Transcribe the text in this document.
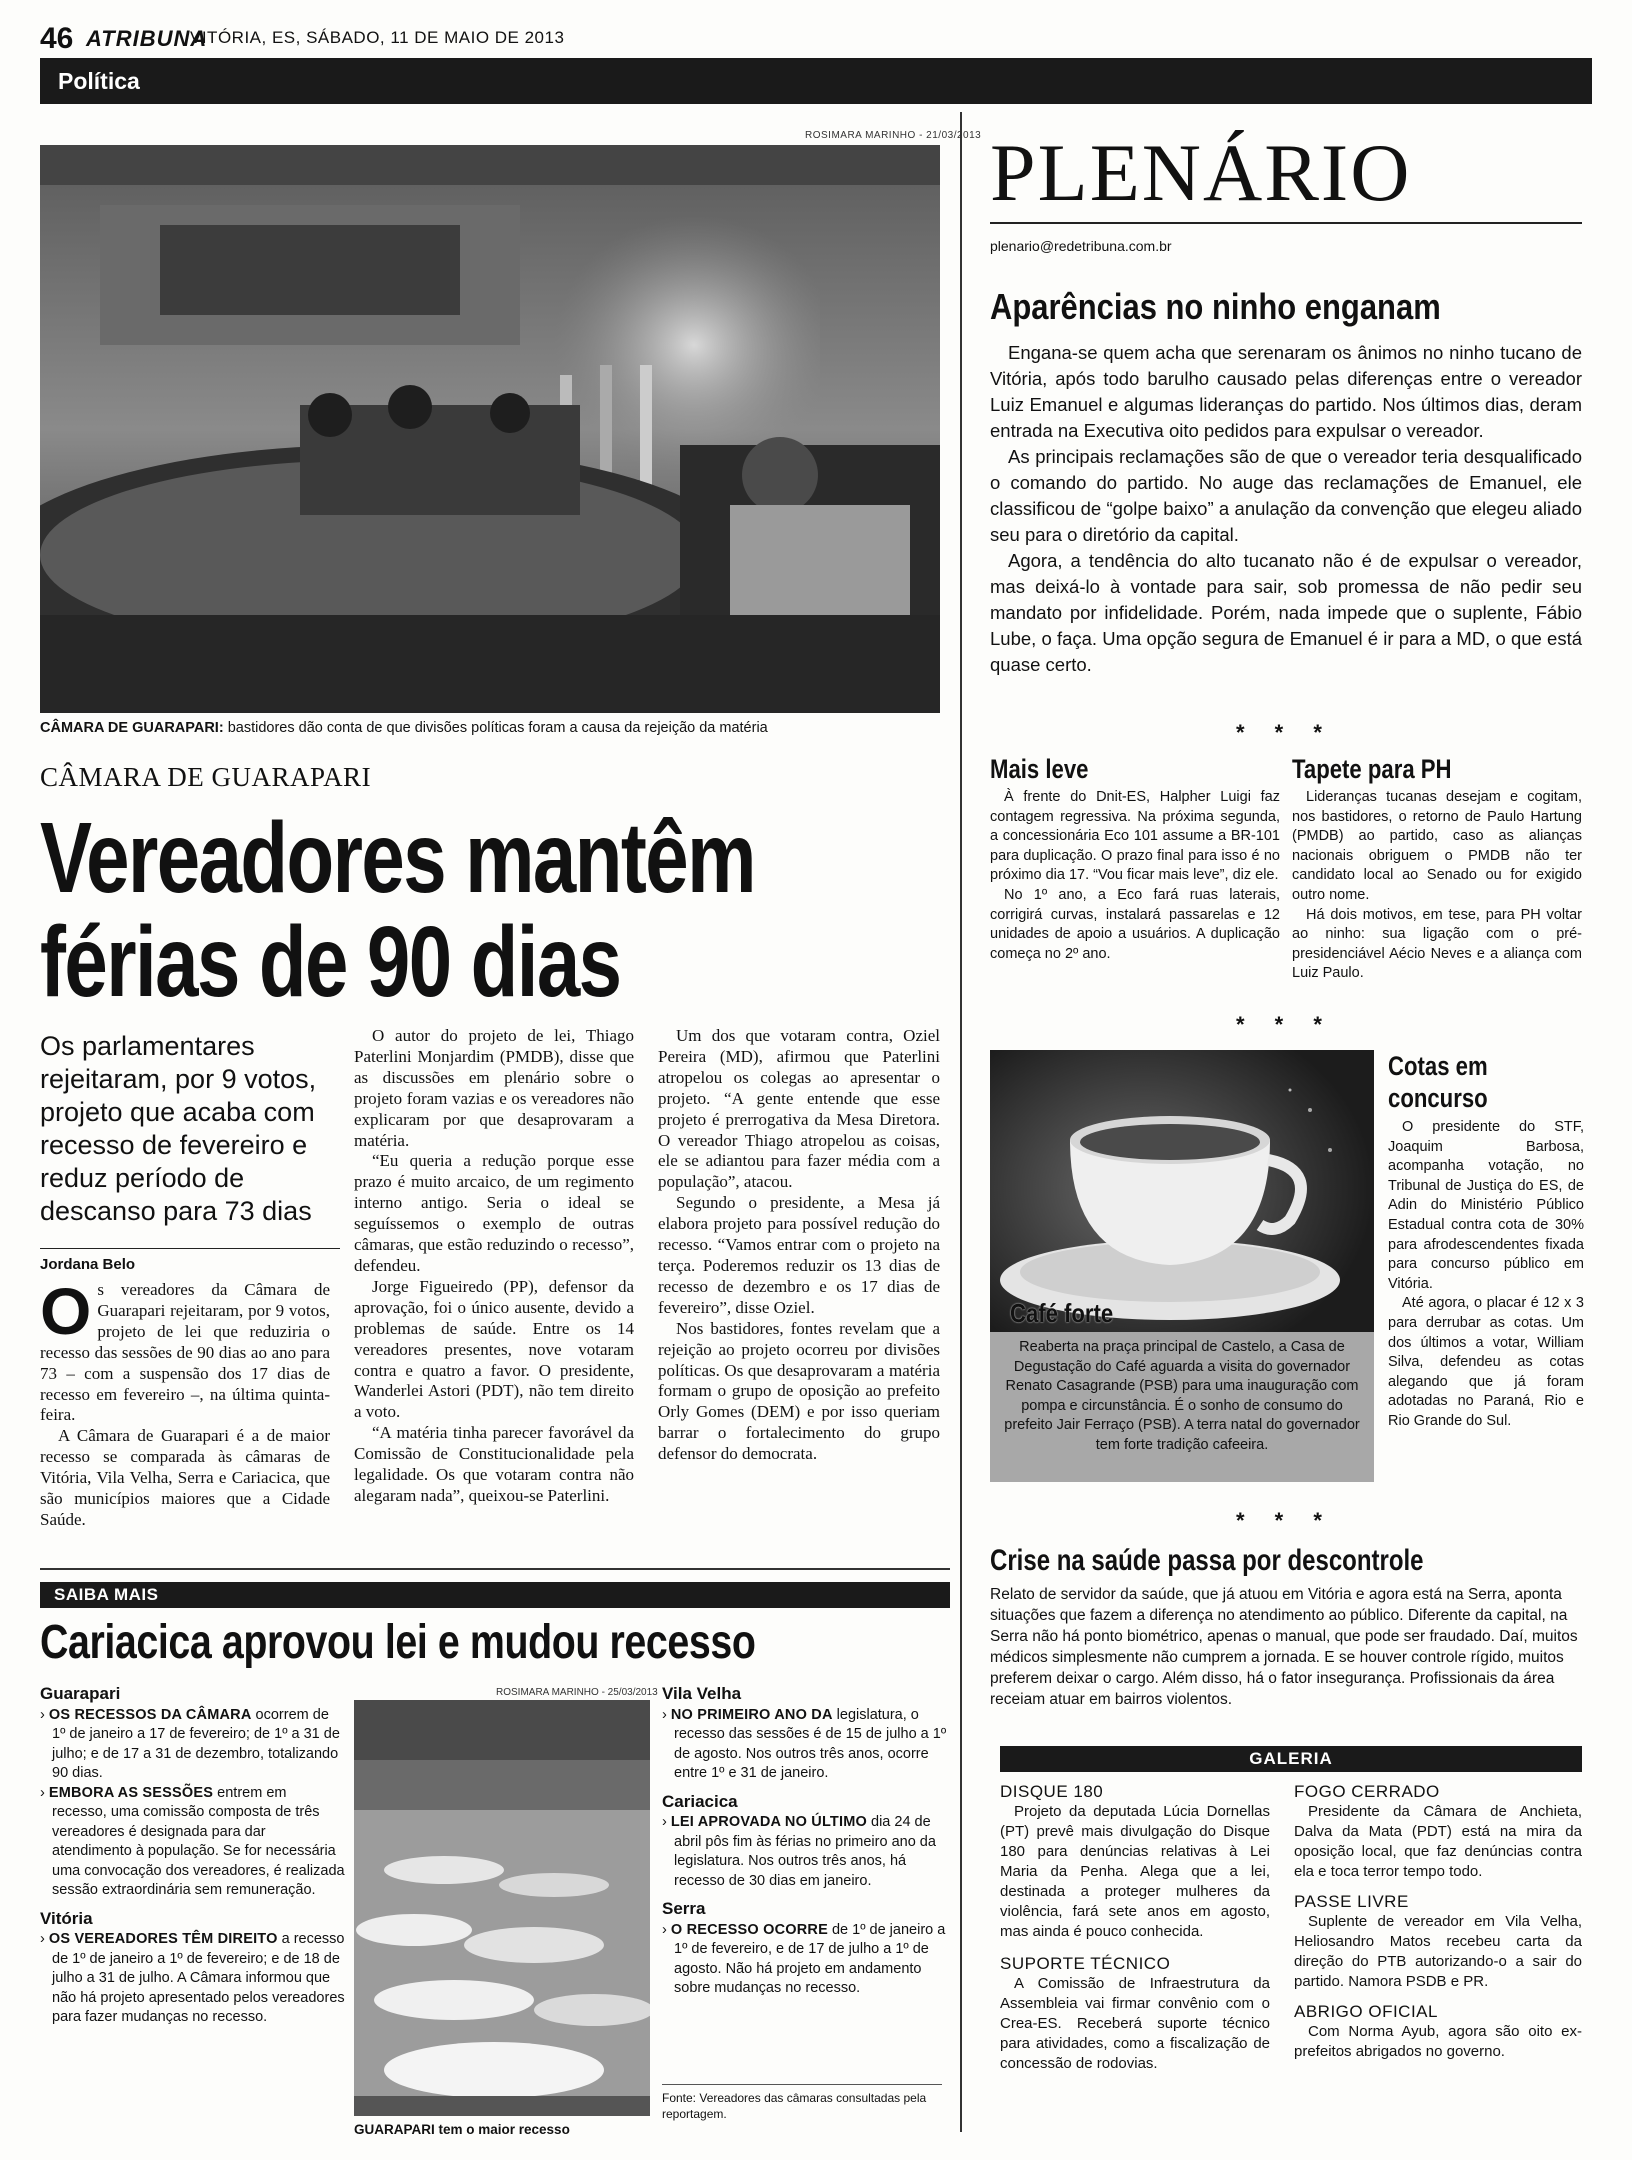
46 ATRIBUNA
VITÓRIA, ES, SÁBADO, 11 DE MAIO DE 2013
Política
ROSIMARA MARINHO - 21/03/2013
CÂMARA DE GUARAPARI: bastidores dão conta de que divisões políticas foram a causa da rejeição da matéria
CÂMARA DE GUARAPARI
Vereadores mantêm
férias de 90 dias
Os parlamentares rejeitaram, por 9 votos, projeto que acaba com recesso de fevereiro e reduz período de descanso para 73 dias
Jordana Belo

Os vereadores da Câmara de Guarapari rejeitaram, por 9 votos, projeto de lei que reduziria o recesso das sessões de 90 dias ao ano para 73 – com a suspensão dos 17 dias de recesso em fevereiro –, na última quinta-feira.

A Câmara de Guarapari é a de maior recesso se comparada às câmaras de Vitória, Vila Velha, Serra e Cariacica, que são municípios maiores que a Cidade Saúde.

O autor do projeto de lei, Thiago Paterlini Monjardim (PMDB), disse que as discussões em plenário sobre o projeto foram vazias e os vereadores não explicaram por que desaprovaram a matéria.

“Eu queria a redução porque esse prazo é muito arcaico, de um regimento interno antigo. Seria o ideal se seguíssemos o exemplo de outras câmaras, que estão reduzindo o recesso”, defendeu.

Jorge Figueiredo (PP), defensor da aprovação, foi o único ausente, devido a problemas de saúde. Entre os 14 vereadores presentes, nove votaram contra e quatro a favor. O presidente, Wanderlei Astori (PDT), não tem direito a voto.

“A matéria tinha parecer favorável da Comissão de Constitucionalidade pela legalidade. Os que votaram contra não alegaram nada”, queixou-se Paterlini.

Um dos que votaram contra, Oziel Pereira (MD), afirmou que Paterlini atropelou os colegas ao apresentar o projeto. “A gente entende que esse projeto é prerrogativa da Mesa Diretora. O vereador Thiago atropelou as coisas, ele se adiantou para fazer média com a população”, atacou.

Segundo o presidente, a Mesa já elabora projeto para possível redução do recesso. “Vamos entrar com o projeto na terça. Poderemos reduzir os 13 dias de recesso de dezembro e os 17 dias de fevereiro”, disse Oziel.

Nos bastidores, fontes revelam que a rejeição ao projeto ocorreu por divisões políticas. Os que desaprovaram a matéria formam o grupo de oposição ao prefeito Orly Gomes (DEM) e por isso queriam barrar o fortalecimento do grupo defensor do democrata.

SAIBA MAIS
Cariacica aprovou lei e mudou recesso
Guarapari

› OS RECESSOS DA CÂMARA ocorrem de 1º de janeiro a 17 de fevereiro; de 1º a 31 de julho; e de 17 a 31 de dezembro, totalizando 90 dias.

› EMBORA AS SESSÕES entrem em recesso, uma comissão composta de três vereadores é designada para dar atendimento à população. Se for necessária uma convocação dos vereadores, é realizada sessão extraordinária sem remuneração.

Vitória

› OS VEREADORES TÊM DIREITO a recesso de 1º de janeiro a 1º de fevereiro; e de 18 de julho a 31 de julho. A Câmara informou que não há projeto apresentado pelos vereadores para fazer mudanças no recesso.

ROSIMARA MARINHO - 25/03/2013
GUARAPARI tem o maior recesso
Vila Velha

› NO PRIMEIRO ANO DA legislatura, o recesso das sessões é de 15 de julho a 1º de agosto. Nos outros três anos, ocorre entre 1º e 31 de janeiro.

Cariacica

› LEI APROVADA NO ÚLTIMO dia 24 de abril pôs fim às férias no primeiro ano da legislatura. Nos outros três anos, há recesso de 30 dias em janeiro.

Serra

› O RECESSO OCORRE de 1º de janeiro a 1º de fevereiro, e de 17 de julho a 1º de agosto. Não há projeto em andamento sobre mudanças no recesso.

Fonte: Vereadores das câmaras consultadas pela reportagem.
PLENÁRIO
plenario@redetribuna.com.br
Aparências no ninho enganam

Engana-se quem acha que serenaram os ânimos no ninho tucano de Vitória, após todo barulho causado pelas diferenças entre o vereador Luiz Emanuel e algumas lideranças do partido. Nos últimos dias, deram entrada na Executiva oito pedidos para expulsar o vereador.

As principais reclamações são de que o vereador teria desqualificado o comando do partido. No auge das reclamações de Emanuel, ele classificou de “golpe baixo” a anulação da convenção que elegeu aliado seu para o diretório da capital.

Agora, a tendência do alto tucanato não é de expulsar o vereador, mas deixá-lo à vontade para sair, sob promessa de não pedir seu mandato por infidelidade. Porém, nada impede que o suplente, Fábio Lube, o faça. Uma opção segura de Emanuel é ir para a MD, o que está quase certo.

* * *
Mais leve

À frente do Dnit-ES, Halpher Luigi faz contagem regressiva. Na próxima segunda, a concessionária Eco 101 assume a BR-101 para duplicação. O prazo final para isso é no próximo dia 17. “Vou ficar mais leve”, diz ele.

No 1º ano, a Eco fará ruas laterais, corrigirá curvas, instalará passarelas e 12 unidades de apoio a usuários. A duplicação começa no 2º ano.

Tapete para PH

Lideranças tucanas desejam e cogitam, nos bastidores, o retorno de Paulo Hartung (PMDB) ao partido, caso as alianças nacionais obriguem o PMDB não ter candidato local ao Senado ou for exigido outro nome.

Há dois motivos, em tese, para PH voltar ao ninho: sua ligação com o pré-presidenciável Aécio Neves e a aliança com Luiz Paulo.

* * *
Reaberta na praça principal de Castelo, a Casa de Degustação do Café aguarda a visita do governador Renato Casagrande (PSB) para uma inauguração com pompa e circunstância. É o sonho de consumo do prefeito Jair Ferraço (PSB). A terra natal do governador tem forte tradição cafeeira.
Café forte
Cotas em
concurso

O presidente do STF, Joaquim Barbosa, acompanha votação, no Tribunal de Justiça do ES, de Adin do Ministério Público Estadual contra cota de 30% para afrodescendentes fixada para concurso público em Vitória.

Até agora, o placar é 12 x 3 para derrubar as cotas. Um dos últimos a votar, William Silva, defendeu as cotas alegando que já foram adotadas no Paraná, Rio e Rio Grande do Sul.

* * *
Crise na saúde passa por descontrole
Relato de servidor da saúde, que já atuou em Vitória e agora está na Serra, aponta situações que fazem a diferença no atendimento ao público. Diferente da capital, na Serra não há ponto biométrico, apenas o manual, que pode ser fraudado. Daí, muitos médicos simplesmente não cumprem a jornada. E se houver controle rígido, muitos preferem deixar o cargo. Além disso, há o fator insegurança. Profissionais da área receiam atuar em bairros violentos.
GALERIA
DISQUE 180

Projeto da deputada Lúcia Dornellas (PT) prevê mais divulgação do Disque 180 para denúncias relativas à Lei Maria da Penha. Alega que a lei, destinada a proteger mulheres da violência, fará sete anos em agosto, mas ainda é pouco conhecida.

SUPORTE TÉCNICO

A Comissão de Infraestrutura da Assembleia vai firmar convênio com o Crea-ES. Receberá suporte técnico para atividades, como a fiscalização de concessão de rodovias.

FOGO CERRADO

Presidente da Câmara de Anchieta, Dalva da Mata (PDT) está na mira da oposição local, que faz denúncias contra ela e toca terror tempo todo.

PASSE LIVRE

Suplente de vereador em Vila Velha, Heliosandro Matos recebeu carta da direção do PTB autorizando-o a sair do partido. Namora PSDB e PR.

ABRIGO OFICIAL

Com Norma Ayub, agora são oito ex-prefeitos abrigados no governo.
